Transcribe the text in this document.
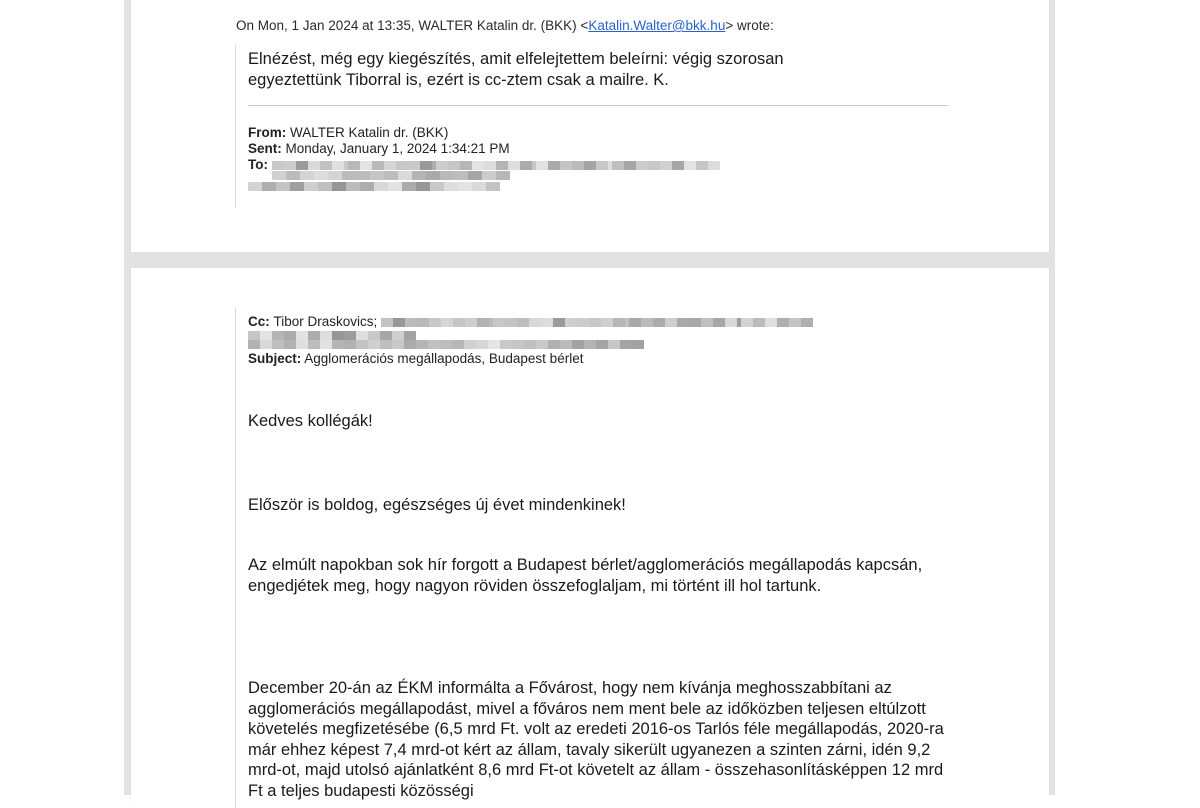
On Mon, 1 Jan 2024 at 13:35, WALTER Katalin dr. (BKK) <Katalin.Walter@bkk.hu> wrote:
Elnézést, még egy kiegészítés, amit elfelejtettem beleírni: végig szorosan egyeztettünk Tiborral is, ezért is cc-ztem csak a mailre. K.
From: WALTER Katalin dr. (BKK)
Sent: Monday, January 1, 2024 1:34:21 PM
To:
Cc:
Tibor Draskovics;
Subject: Agglomerációs megállapodás, Budapest bérlet
Kedves kollégák!
Először is boldog, egészséges új évet mindenkinek!
Az elmúlt napokban sok hír forgott a Budapest bérlet/agglomerációs megállapodás kapcsán, engedjétek meg, hogy nagyon röviden összefoglaljam, mi történt ill hol tartunk.
December 20-án az ÉKM informálta a Fővárost, hogy nem kívánja meghosszabbítani az agglomerációs megállapodást, mivel a főváros nem ment bele az időközben teljesen eltúlzott követelés megfizetésébe (6,5 mrd Ft. volt az eredeti 2016-os Tarlós féle megállapodás, 2020-ra már ehhez képest 7,4 mrd-ot kért az állam, tavaly sikerült ugyanezen a szinten zárni, idén 9,2 mrd-ot, majd utolsó ajánlatként 8,6 mrd Ft-ot követelt az állam - összehasonlításképpen 12 mrd Ft a teljes budapesti közösségi
